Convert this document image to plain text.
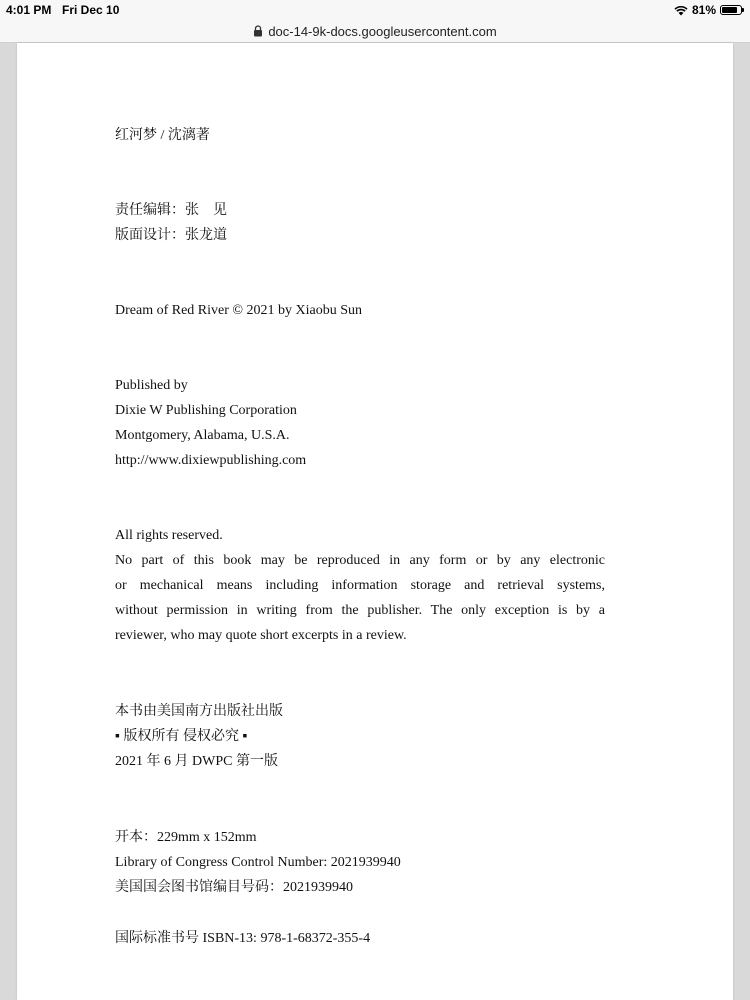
4:01 PM Fri Dec 10	81%
doc-14-9k-docs.googleusercontent.com
红河梦 / 沈漓著
责任编辑：张　见
版面设计：张龙道
Dream of Red River © 2021 by Xiaobu Sun
Published by
Dixie W Publishing Corporation
Montgomery, Alabama, U.S.A.
http://www.dixiewpublishing.com
All rights reserved.
No part of this book may be reproduced in any form or by any electronic
or mechanical means including information storage and retrieval systems,
without permission in writing from the publisher. The only exception is by a
reviewer, who may quote short excerpts in a review.
本书由美国南方出版社出版
▪ 版权所有 侵权必究 ▪
2021 年 6 月 DWPC 第一版
开本：229mm x 152mm
Library of Congress Control Number: 2021939940
美国国会图书馆编目号码：2021939940
国际标准书号 ISBN-13: 978-1-68372-355-4
